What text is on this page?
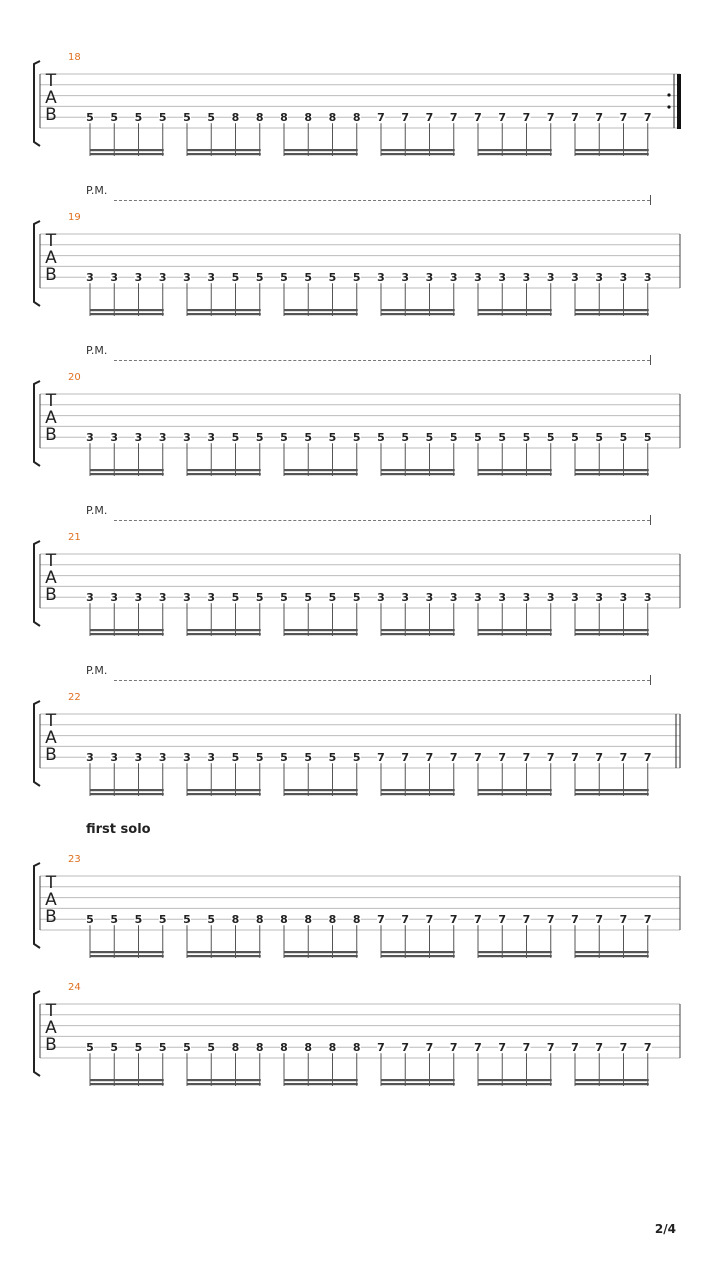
18
T
A
B	5 5 5 5 5 5 8 8 8 8 8 8 7 7 7 7 7 7 7 7 7 7 7 7
P.M.
19
T
A
B	3 3 3 3 3 3 5 5 5 5 5 5 3 3 3 3 3 3 3 3 3 3 3 3
P.M.
20
T
A
B	3 3 3 3 3 3 5 5 5 5 5 5 5 5 5 5 5 5 5 5 5 5 5 5
P.M.
21
T
A
B	3 3 3 3 3 3 5 5 5 5 5 5 3 3 3 3 3 3 3 3 3 3 3 3
P.M.
22
T
A
B	3 3 3 3 3 3 5 5 5 5 5 5 7 7 7 7 7 7 7 7 7 7 7 7
first solo
23
T
A
B	5 5 5 5 5 5 8 8 8 8 8 8 7 7 7 7 7 7 7 7 7 7 7 7
24
T
A
B	5 5 5 5 5 5 8 8 8 8 8 8 7 7 7 7 7 7 7 7 7 7 7 7
2/4
